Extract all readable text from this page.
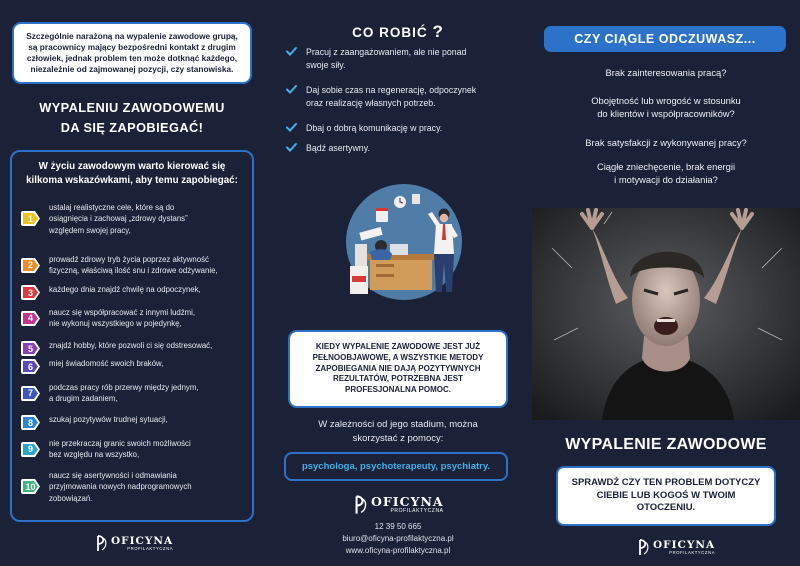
Szczególnie narażoną na wypalenie zawodowe grupą, są pracownicy mający bezpośredni kontakt z drugim człowiek, jednak problem ten może dotknąć każdego, niezależnie od zajmowanej pozycji, czy stanowiska.
WYPALENIU ZAWODOWEMU
DA SIĘ ZAPOBIEGAĆ!
W życiu zawodowym warto kierować się
kilkoma wskazówkami, aby temu zapobiegać:
1
ustalaj realistyczne cele, które są do
osiągnięcia i zachowaj „zdrowy dystans”
względem swojej pracy,
2
prowadź zdrowy tryb życia poprzez aktywność
fizyczną, właściwą ilość snu i zdrowe odżywanie,
3 każdego dnia znajdź chwilę na odpoczynek,
4
naucz się współpracować z innymi ludźmi,
nie wykonuj wszystkiego w pojedynkę,
5 znajdź hobby, które pozwoli ci się odstresować,
6 miej świadomość swoich braków,
7
podczas pracy rób przerwy między jednym,
a drugim zadaniem,
8 szukaj pozytywów trudnej sytuacji,
9
nie przekraczaj granic swoich możliwości
bez względu na wszystko,
10
naucz się asertywności i odmawiania
przyjmowania nowych nadprogramowych
zobowiązań.
OFICYNA
PROFILAKTYCZNA
CO ROBIĆ ?
Pracuj z zaangażowaniem, ale nie ponad
swoje siły.
Daj sobie czas na regenerację, odpoczynek
oraz realizację własnych potrzeb.
Dbaj o dobrą komunikację w pracy.
Bądź asertywny.
KIEDY WYPALENIE ZAWODOWE JEST JUŻ PEŁNOOBJAWOWE, A WSZYSTKIE METODY ZAPOBIEGANIA NIE DAJĄ POZYTYWNYCH REZULTATÓW, POTRZEBNA JEST PROFESJONALNA POMOC.
W zależności od jego stadium, można
skorzystać z pomocy:
psychologa, psychoterapeuty, psychiatry.
OFICYNA
PROFILAKTYCZNA
12 39 50 665
biuro@oficyna-profilaktyczna.pl
www.oficyna-profilaktyczna.pl
CZY CIĄGLE ODCZUWASZ...
Brak zainteresowania pracą?
Obojętność lub wrogość w stosunku
do klientów i współpracowników?
Brak satysfakcji z wykonywanej pracy?
Ciągłe zniechęcenie, brak energii
i motywacji do działania?
WYPALENIE ZAWODOWE
SPRAWDŹ CZY TEN PROBLEM DOTYCZY CIEBIE LUB KOGOŚ W TWOIM OTOCZENIU.
OFICYNA
PROFILAKTYCZNA
